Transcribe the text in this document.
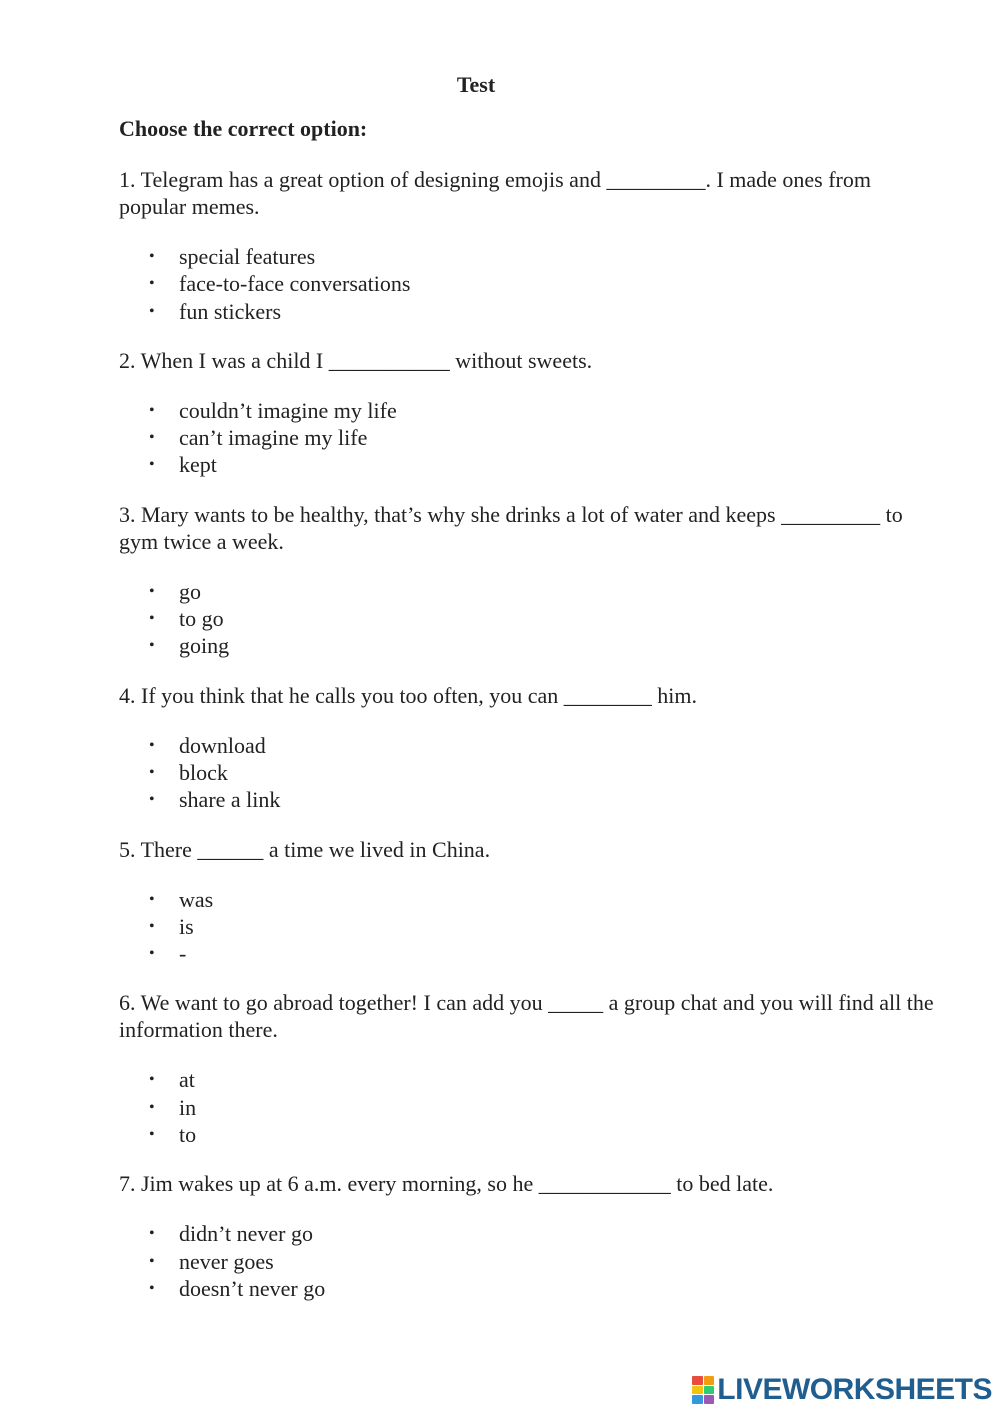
Test
Choose the correct option:

1. Telegram has a great option of designing emojis and _________. I made ones from popular memes.

• special features
• face-to-face conversations
• fun stickers

2. When I was a child I ___________ without sweets.

• couldn’t imagine my life
• can’t imagine my life
• kept

3. Mary wants to be healthy, that’s why she drinks a lot of water and keeps _________ to gym twice a week.

• go
• to go
• going

4. If you think that he calls you too often, you can ________ him.

• download
• block
• share a link

5. There ______ a time we lived in China.

• was
• is
• -

6. We want to go abroad together! I can add you _____ a group chat and you will find all the information there.

• at
• in
• to

7. Jim wakes up at 6 a.m. every morning, so he ____________ to bed late.

• didn’t never go
• never goes
• doesn’t never go
LIVEWORKSHEETS
